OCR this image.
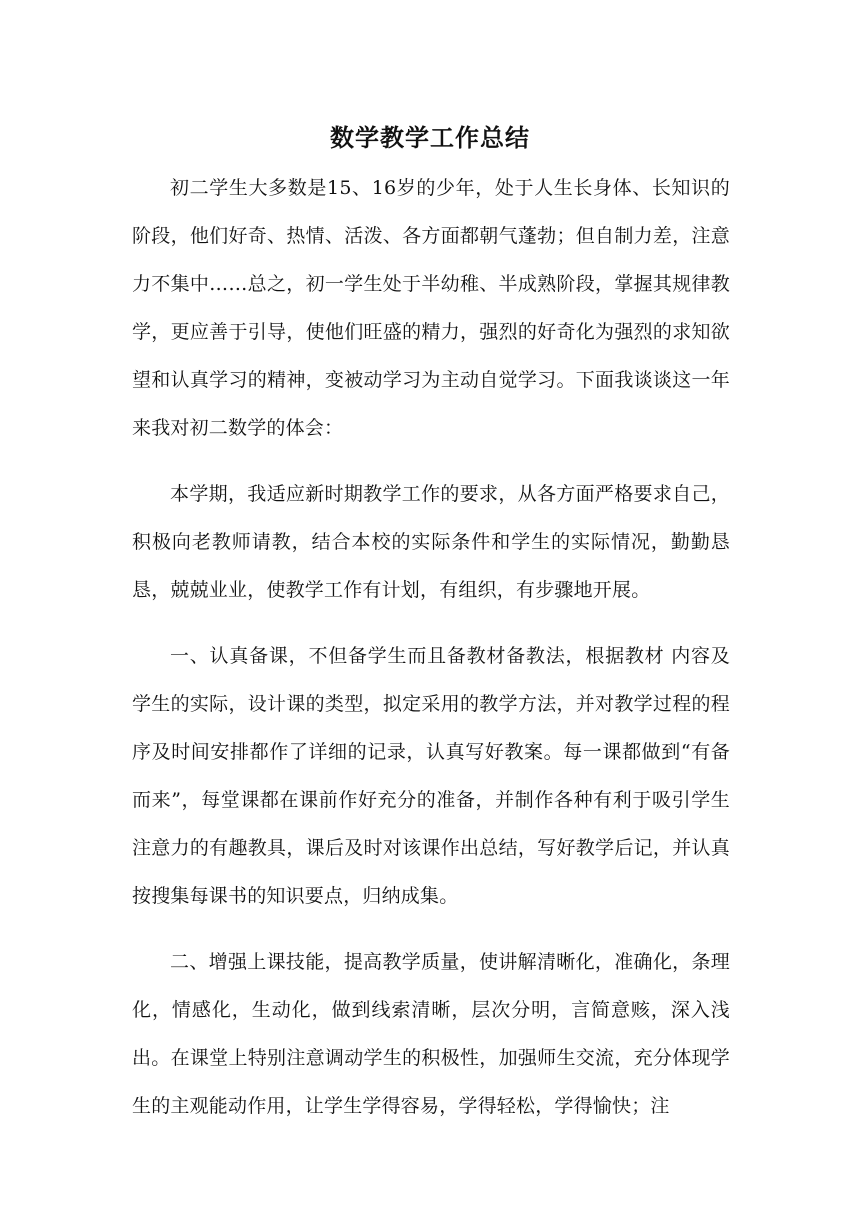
数学教学工作总结

初二学生大多数是15、16岁的少年，处于人生长身体、长知识的阶段，他们好奇、热情、活泼、各方面都朝气蓬勃；但自制力差，注意力不集中……总之，初一学生处于半幼稚、半成熟阶段，掌握其规律教学，更应善于引导，使他们旺盛的精力，强烈的好奇化为强烈的求知欲望和认真学习的精神，变被动学习为主动自觉学习。下面我谈谈这一年来我对初二数学的体会：

本学期，我适应新时期教学工作的要求，从各方面严格要求自己，积极向老教师请教，结合本校的实际条件和学生的实际情况，勤勤恳恳，兢兢业业，使教学工作有计划，有组织，有步骤地开展。

一、认真备课，不但备学生而且备教材备教法，根据教材 内容及学生的实际，设计课的类型，拟定采用的教学方法，并对教学过程的程序及时间安排都作了详细的记录，认真写好教案。每一课都做到“有备而来”，每堂课都在课前作好充分的准备，并制作各种有利于吸引学生注意力的有趣教具，课后及时对该课作出总结，写好教学后记，并认真按搜集每课书的知识要点，归纳成集。

二、增强上课技能，提高教学质量，使讲解清晰化，准确化，条理化，情感化，生动化，做到线索清晰，层次分明，言简意赅，深入浅出。在课堂上特别注意调动学生的积极性，加强师生交流，充分体现学生的主观能动作用，让学生学得容易，学得轻松，学得愉快；注
